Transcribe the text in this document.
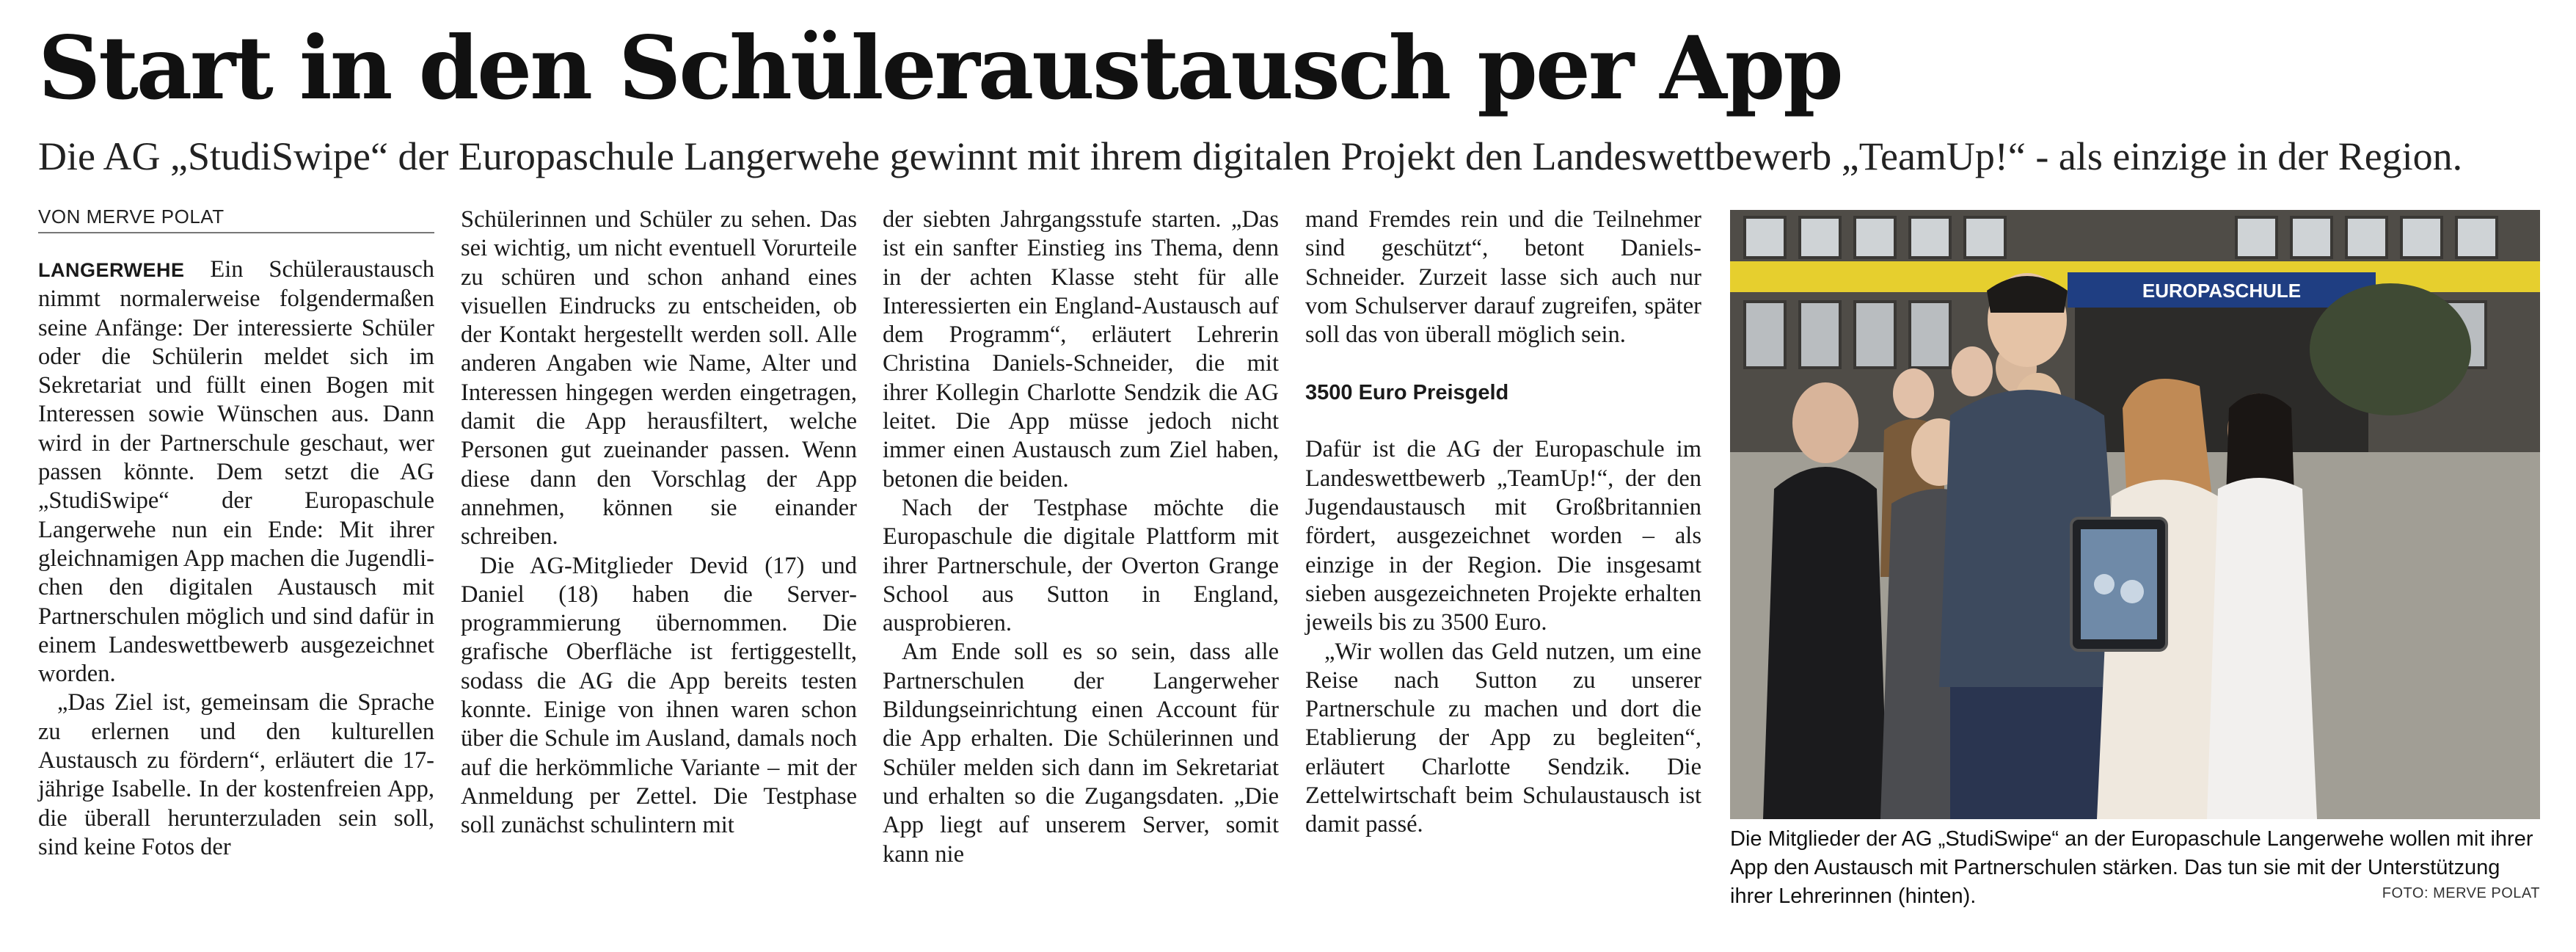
Start in den Schüleraustausch per App
Die AG „StudiSwipe“ der Europaschule Langerwehe gewinnt mit ihrem digitalen Projekt den Landeswettbewerb „TeamUp!“ - als einzige in der Region.
VON MERVE POLAT

LANGERWEHE Ein Schüleraustausch nimmt normalerweise folgendermaßen seine Anfänge: Der interessierte Schüler oder die Schülerin meldet sich im Sekretariat und füllt einen Bogen mit Interessen sowie Wünschen aus. Dann wird in der Partnerschule geschaut, wer passen könnte. Dem setzt die AG „StudiSwipe“ der Europaschule Langerwehe nun ein Ende: Mit ihrer gleichnamigen App machen die Jugendlichen den digitalen Austausch mit Partnerschulen möglich und sind dafür in einem Landeswettbewerb ausgezeichnet worden.

„Das Ziel ist, gemeinsam die Sprache zu erlernen und den kulturellen Austausch zu fördern“, erläutert die 17-jährige Isabelle. In der kostenfreien App, die überall herunterzuladen sein soll, sind keine Fotos der

Schülerinnen und Schüler zu sehen. Das sei wichtig, um nicht eventuell Vorurteile zu schüren und schon anhand eines visuellen Eindrucks zu entscheiden, ob der Kontakt hergestellt werden soll. Alle anderen Angaben wie Name, Alter und Interessen hingegen werden eingetragen, damit die App herausfiltert, welche Personen gut zueinander passen. Wenn diese dann den Vorschlag der App annehmen, können sie einander schreiben.

Die AG-Mitglieder Devid (17) und Daniel (18) haben die Serverprogrammierung übernommen. Die grafische Oberfläche ist fertiggestellt, sodass die AG die App bereits testen konnte. Einige von ihnen waren schon über die Schule im Ausland, damals noch auf die herkömmliche Variante – mit der Anmeldung per Zettel. Die Testphase soll zunächst schulintern mit

der siebten Jahrgangsstufe starten. „Das ist ein sanfter Einstieg ins Thema, denn in der achten Klasse steht für alle Interessierten ein England-Austausch auf dem Programm“, erläutert Lehrerin Christina Daniels-Schneider, die mit ihrer Kollegin Charlotte Sendzik die AG leitet. Die App müsse jedoch nicht immer einen Austausch zum Ziel haben, betonen die beiden.

Nach der Testphase möchte die Europaschule die digitale Plattform mit ihrer Partnerschule, der Overton Grange School aus Sutton in England, ausprobieren.

Am Ende soll es so sein, dass alle Partnerschulen der Langerweher Bildungseinrichtung einen Account für die App erhalten. Die Schülerinnen und Schüler melden sich dann im Sekretariat und erhalten so die Zugangsdaten. „Die App liegt auf unserem Server, somit kann nie

mand Fremdes rein und die Teilnehmer sind geschützt“, betont Daniels-Schneider. Zurzeit lasse sich auch nur vom Schulserver darauf zugreifen, später soll das von überall möglich sein.

3500 Euro Preisgeld

Dafür ist die AG der Europaschule im Landeswettbewerb „TeamUp!“, der den Jugendaustausch mit Großbritannien fördert, ausgezeichnet worden – als einzige in der Region. Die insgesamt sieben ausgezeichneten Projekte erhalten jeweils bis zu 3500 Euro.

„Wir wollen das Geld nutzen, um eine Reise nach Sutton zu unserer Partnerschule zu machen und dort die Etablierung der App zu begleiten“, erläutert Charlotte Sendzik. Die Zettelwirtschaft beim Schulaustausch ist damit passé.

EUROPASCHULE
Die Mitglieder der AG „StudiSwipe“ an der Europaschule Langerwehe wollen mit ihrer App den Austausch mit Partnerschulen stärken. Das tun sie mit der Unterstützung ihrer Lehrerinnen (hinten).	FOTO: MERVE POLAT
